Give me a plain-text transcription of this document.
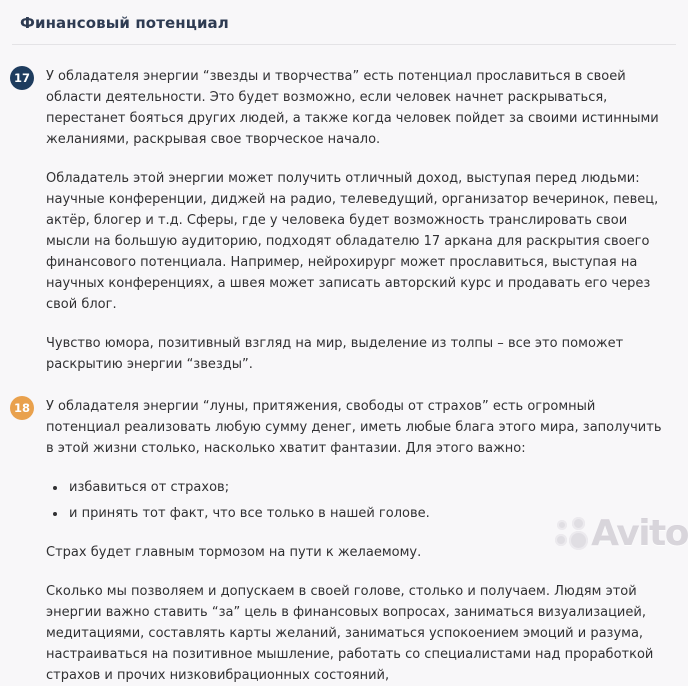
Финансовый потенциал
17	У обладателя энергии “звезды и творчества” есть потенциал прославиться в своей области деятельности. Это будет возможно, если человек начнет раскрываться, перестанет бояться других людей, а также когда человек пойдет за своими истинными желаниями, раскрывая свое творческое начало.

Обладатель этой энергии может получить отличный доход, выступая перед людьми: научные конференции, диджей на радио, телеведущий, организатор вечеринок, певец, актёр, блогер и т.д. Сферы, где у человека будет возможность транслировать свои мысли на большую аудиторию, подходят обладателю 17 аркана для раскрытия своего финансового потенциала. Например, нейрохирург может прославиться, выступая на научных конференциях, а швея может записать авторский курс и продавать его через свой блог.

Чувство юмора, позитивный взгляд на мир, выделение из толпы – все это поможет раскрытию энергии “звезды”.

18	У обладателя энергии “луны, притяжения, свободы от страхов” есть огромный потенциал реализовать любую сумму денег, иметь любые блага этого мира, заполучить в этой жизни столько, насколько хватит фантазии. Для этого важно:

• избавиться от страхов;
• и принять тот факт, что все только в нашей голове.

Страх будет главным тормозом на пути к желаемому.

Сколько мы позволяем и допускаем в своей голове, столько и получаем. Людям этой энергии важно ставить “за” цель в финансовых вопросах, заниматься визуализацией, медитациями, составлять карты желаний, заниматься успокоением эмоций и разума, настраиваться на позитивное мышление, работать со специалистами над проработкой страхов и прочих низковибрационных состояний,

Avito
